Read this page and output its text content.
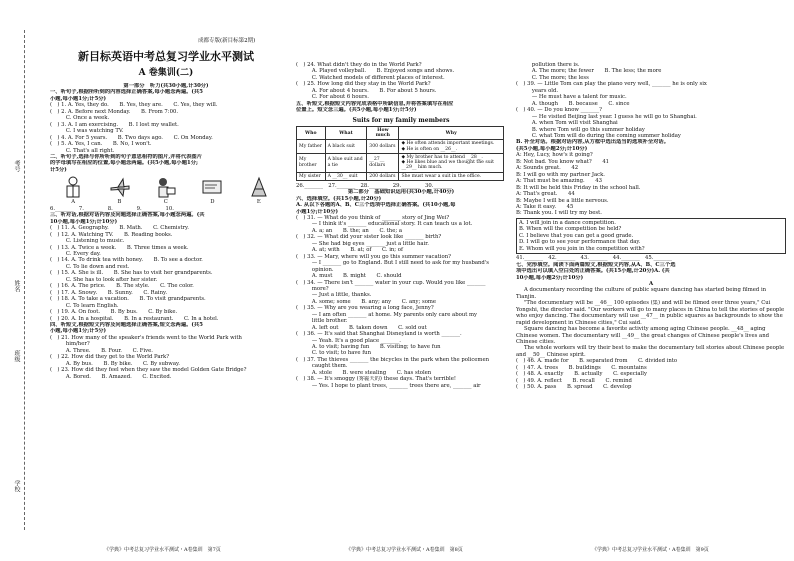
考号
姓名
班级
学校
成都专版(新目标第2期)
新目标英语中考总复习学业水平测试
A 卷集训(二)

第一部分　听力(共30小题,计30分)

一、听句子,根据所听到的内容选择正确答案,每小题念两遍。(共5

小题,每小题1分;计5分)

(　) 1. A. Yes, they do.　　B. Yes, they are.　　C. Yes, they will.

(　) 2. A. Before next Monday.　　B. From 7:00.

　　　C. Once a week.

(　) 3. A. I am exercising.　　B. I lost my wallet.

　　　C. I was watching TV.

(　) 4. A. For 5 years.　　B. Two days ago.　　C. On Monday.

(　) 5. A. Yes, I can.　　B. No, I won't.

　　　C. That's all right.

二、听句子,选择与你所听到的句子意思相符的图片,并将代表图片

的字母填写在相应的位置,每小题念两遍。(共5小题,每小题1分;

计5分)

A	B	C	D	E

6._______　7._______　8._______　9._______　10._______

三、听对话,根据对话内容及问题选择正确答案,每小题念两遍。(共

10小题,每小题1分;计10分)

(　) 11. A. Geography.　　B. Math.　　C. Chemistry.

(　) 12. A. Watching TV.　　B. Reading books.

　　　C. Listening to music.

(　) 13. A. Twice a week.　　B. Three times a week.

　　　C. Every day.

(　) 14. A. To drink tea with honey.　　B. To see a doctor.

　　　C. To lie down and rest.

(　) 15. A. She is ill.　　B. She has to visit her grandparents.

　　　C. She has to look after her sister.

(　) 16. A. The price.　　B. The style.　　C. The color.

(　) 17. A. Snowy.　　B. Sunny.　　C. Rainy.

(　) 18. A. To take a vacation.　　B. To visit grandparents.

　　　C. To learn English.

(　) 19. A. On foot.　　B. By bus.　　C. By bike.

(　) 20. A. In a hospital.　　B. In a restaurant.　　C. In a hotel.

四、听短文,根据短文内容及问题选择正确答案,短文念两遍。(共5

小题,每小题1分;计5分)

(　) 21. How many of the speaker's friends went to the World Park with

　　　him/her?

　　　A. Three.　　B. Four.　　C. Five.

(　) 22. How did they get to the World Park?

　　　A. By bus.　　B. By bike.　　C. By subway.

(　) 23. How did they feel when they saw the model Golden Gate Bridge?

　　　A. Bored.　　B. Amazed.　　C. Excited.

(　) 24. What didn't they do in the World Park?

　　　A. Played volleyball.　　B. Enjoyed songs and shows.

　　　C. Watched models of different places of interest.

(　) 25. How long did they stay in the World Park?

　　　A. For about 4 hours.　　B. For about 5 hours.

　　　C. For about 6 hours.

五、听短文,根据短文内容完成表格中所缺信息,并将答案填写在相应

位置上。短文念三遍。(共5小题,每小题1分;计5分)

Suits for my family members
Who	What	How much	Why
My father	A black suit	300 dollars	◆ He often attends important meetings.
◆ He is often on __26__.
My brother	A blue suit and a tie	__27__ dollars	◆ My brother has to attend __28__.
◆ He likes blue and we thought the suit __29__ him much.
My sister	A __30__ suit	200 dollars	She must wear a suit in the office.

26._______　27._______　28._______　29._______　30._______

第二部分　基础知识运用(共30小题,计40分)

六、选择填空。(共15小题,计20分)

A. 从以下各题的A、B、C三个选项中选择正确答案。(共10小题,每

小题1分;计10分)

(　) 31. — What do you think of _______ story of Jing Wei?

　　　— I think it's _______ educational story. It can teach us a lot.

　　　A. a; an　　B. the; an　　C. the; a

(　) 32. — What did your sister look like _______ birth?

　　　— She had big eyes _______ just a little hair.

　　　A. at; with　　B. at; of　　C. in; of

(　) 33. — Mary, where will you go this summer vacation?

　　　— I _______ go to England. But I still need to ask for my husband's

　　　opinion.

　　　A. must　　B. might　　C. should

(　) 34. — There isn't _______ water in your cup. Would you like _______

　　　more?

　　　— Just a little, thanks.

　　　A. some; some　　B. any; any　　C. any; some

(　) 35. — Why are you wearing a long face, Jenny?

　　　— I am often _______ at home. My parents only care about my

　　　little brother.

　　　A. left out　　B. taken down　　C. sold out

(　) 36. — It's said that Shanghai Disneyland is worth _______.

　　　— Yeah. It's a good place _______.

　　　A. to visit; having fun　　B. visiting; to have fun

　　　C. to visit; to have fun

(　) 37. The thieves _______ the bicycles in the park when the policemen

　　　caught them.

　　　A. stole　　B. were stealing　　C. has stolen

(　) 38. — It's smoggy (雾霾天的) these days. That's terrible!

　　　— Yes. I hope to plant trees, _______ trees there are, _______ air

　　　pollution there is.

　　　A. The more; the fewer　　B. The less; the more

　　　C. The more; the less

(　) 39. — Little Tom can play the piano very well, _______ he is only six

　　　years old.

　　　— He must have a talent for music.

　　　A. though　　B. because　　C. since

(　) 40. — Do you know _______?

　　　— He visited Beijing last year. I guess he will go to Shanghai.

　　　A. when Tom will visit Shanghai

　　　B. where Tom will go this summer holiday

　　　C. what Tom will do during the coming summer holiday

B. 补全对话。根据对话内容,从方框中选出适当的选项补全对话。

(共5小题,每小题2分;计10分)

A: Hey, Lucy, how's it going?

B: Not bad. You know what?　　41

A: Sounds great.　　42

B: I will go with my partner Jack.

A: That must be amazing.　　43

B: It will be held this Friday in the school hall.

A: That's great.　　44

B: Maybe I will be a little nervous.

A: Take it easy.　　45

B: Thank you. I will try my best.

A. I will join in a dance competition.

B. When will the competition be held?

C. I believe that you can get a good grade.

D. I will go to see your performance that day.

E. Whom will you join in the competition with?

41._______　42._______　43._______　44._______　45._______

七、完形填空。阅读下面两篇短文,根据短文内容,从A、B、C三个选

项中选出可以填入空白处的正确答案。(共15小题,计20分)A. (共

10小题,每小题2分;计10分)

A

A documentary recording the culture of public square dancing has started being filmed in Tianjin.

"The documentary will be __46__ 100 episodes (集) and will be filmed over three years," Cui Yongshi, the director said. "Our workers will go to many places in China to tell the stories of people who enjoy dancing. The documentary will use __47__ in public squares as backgrounds to show the rapid development in Chinese cities," Cui said.

Square dancing has become a favorite activity among aging Chinese people. __48__ aging Chinese women. The documentary will __49__ the great changes of Chinese people's lives and Chinese cities.

The whole workers will try their best to make the documentary tell stories about Chinese people and __50__ Chinese spirit.

(　) 46. A. made for　　B. separated from　　C. divided into

(　) 47. A. trees　　B. buildings　　C. mountains

(　) 48. A. exactly　　B. actually　　C. especially

(　) 49. A. reflect　　B. recall　　C. remind

(　) 50. A. pass　　B. spread　　C. develop

《学典》中考总复习学业水平测试・A卷集训　第7页	《学典》中考总复习学业水平测试・A卷集训　第8页	《学典》中考总复习学业水平测试・A卷集训　第9页
